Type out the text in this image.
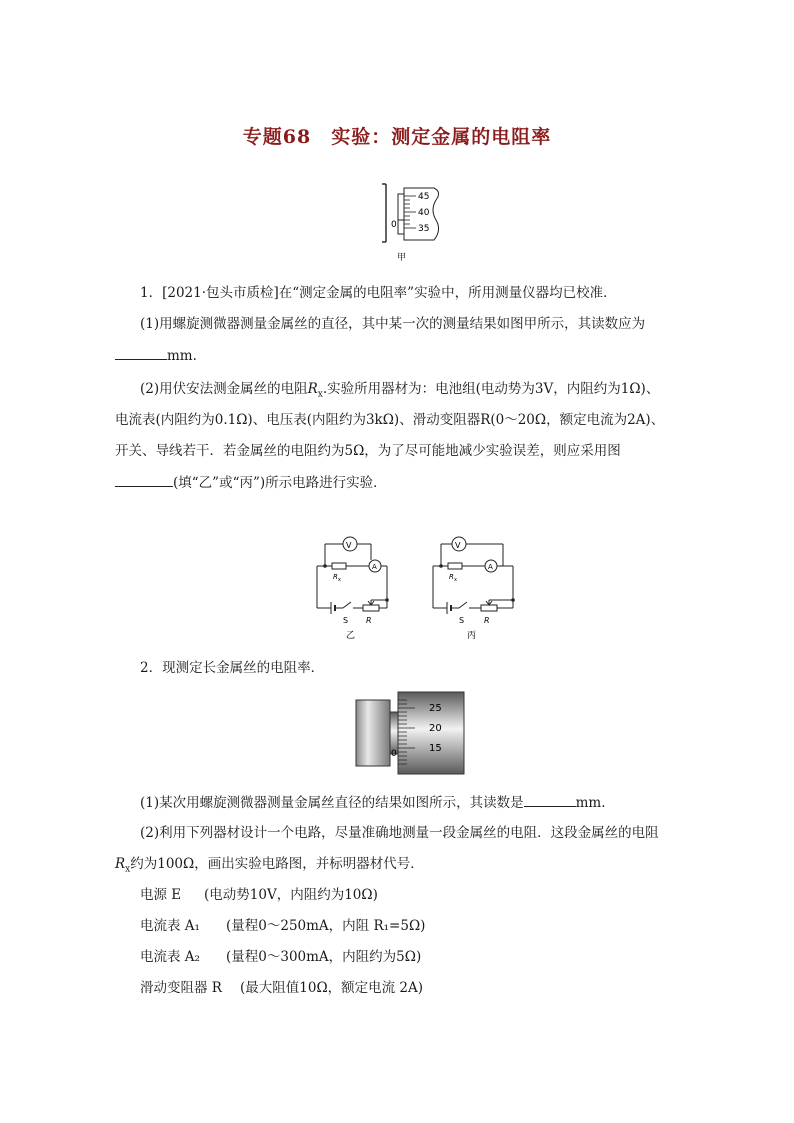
专题68　实验：测定金属的电阻率
45
40
35
0
甲
1．[2021·包头市质检]在“测定金属的电阻率”实验中，所用测量仪器均已校准．
(1)用螺旋测微器测量金属丝的直径，其中某一次的测量结果如图甲所示，其读数应为
mm.
(2)用伏安法测金属丝的电阻$R_x$.实验所用器材为：电池组(电动势为3V，内阻约为1Ω)、
电流表(内阻约为0.1Ω)、电压表(内阻约为3kΩ)、滑动变阻器R(0～20Ω，额定电流为2A)、
开关、导线若干．若金属丝的电阻约为5Ω，为了尽可能地减少实验误差，则应采用图
(填“乙”或“丙”)所示电路进行实验．
V
A
R x
S R
乙
V
A
R x
S R
丙
2．现测定长金属丝的电阻率．
25
20
15
0
(1)某次用螺旋测微器测量金属丝直径的结果如图所示，其读数是	mm.
(2)利用下列器材设计一个电路，尽量准确地测量一段金属丝的电阻．这段金属丝的电阻
$R_x$约为100Ω，画出实验电路图，并标明器材代号．
电源 E (电动势10V，内阻约为10Ω)
电流表 A₁ (量程0～250mA，内阻 R₁=5Ω)
电流表 A₂ (量程0～300mA，内阻约为5Ω)
滑动变阻器 R (最大阻值10Ω，额定电流 2A)
